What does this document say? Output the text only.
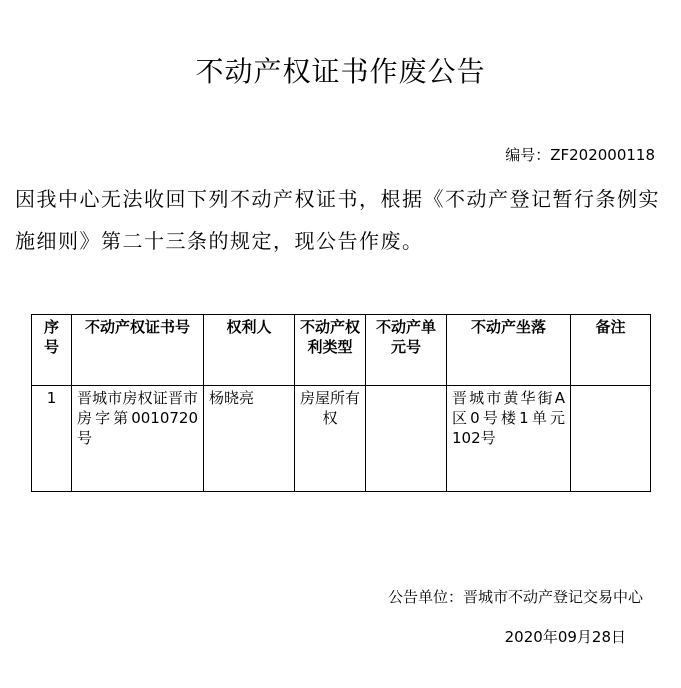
不动产权证书作废公告
编号：ZF202000118
因我中心无法收回下列不动产权证书，根据《不动产登记暂行条例实施细则》第二十三条的规定，现公告作废。
序号	不动产权证书号	权利人	不动产权利类型	不动产单元号	不动产坐落	备注
1	晋城市房权证晋市房字第0010720号	杨晓亮	房屋所有权		晋城市黄华街A区0号楼1单元102号	
公告单位：晋城市不动产登记交易中心
2020年09月28日
